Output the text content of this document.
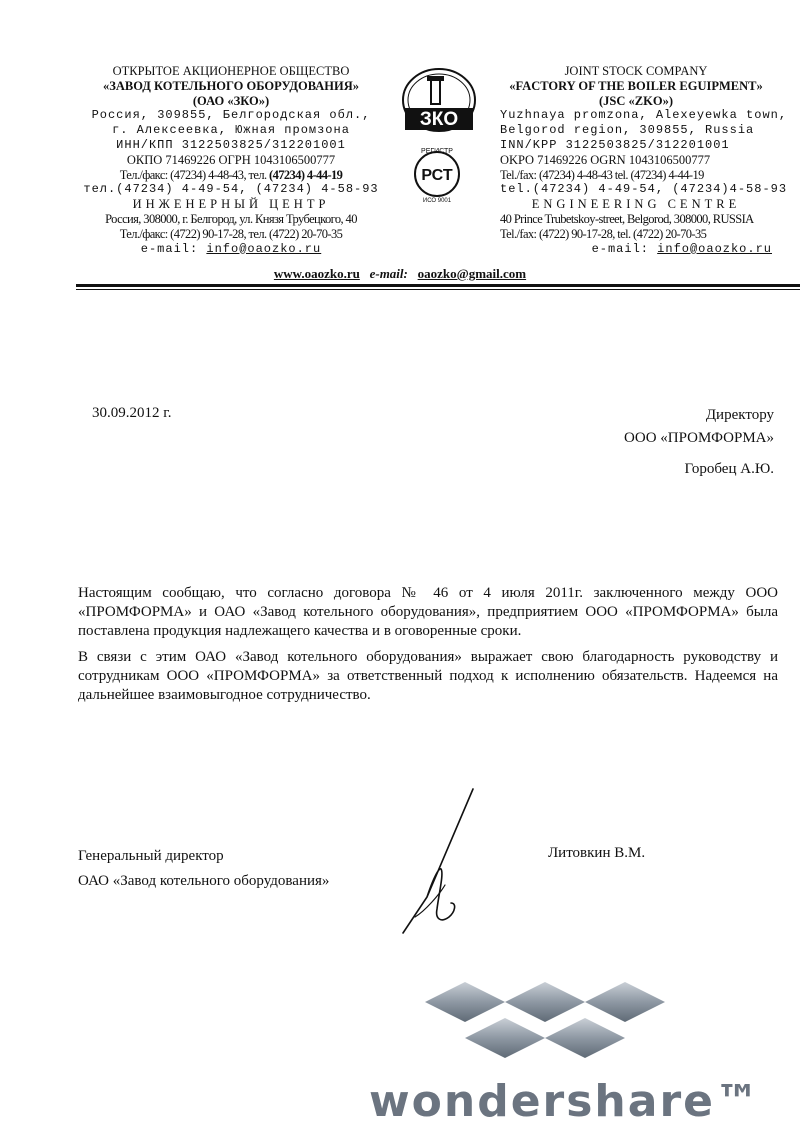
ОТКРЫТОЕ АКЦИОНЕРНОЕ ОБЩЕСТВО
«ЗАВОД КОТЕЛЬНОГО ОБОРУДОВАНИЯ»
(ОАО «ЗКО»)
Россия, 309855, Белгородская обл.,
г. Алексеевка, Южная промзона
ИНН/КПП 3122503825/312201001
ОКПО 71469226 ОГРН 1043106500777
Тел./факс: (47234) 4-48-43, тел. (47234) 4-44-19
тел.(47234) 4-49-54, (47234) 4-58-93
ИНЖЕНЕРНЫЙ ЦЕНТР
Россия, 308000, г. Белгород, ул. Князя Трубецкого, 40
Тел./факс: (4722) 90-17-28, тел. (4722) 20-70-35
e-mail: info@oaozko.ru
ЗКО
РЕГИСТР
РСТ
ИСО 9001
JOINT STOCK COMPANY
«FACTORY OF THE BOILER EGUIPMENT»
(JSC «ZKO»)
Yuzhnaya promzona, Alexeyewka town,
Belgorod region, 309855, Russia
INN/KPP 3122503825/312201001
OKPO 71469226 OGRN 1043106500777
Tel./fax: (47234) 4-48-43 tel. (47234) 4-44-19
tel.(47234) 4-49-54, (47234)4-58-93
ENGINEERING CENTRE
40 Prince Trubetskoy-street, Belgorod, 308000, RUSSIA
Tel./fax: (4722) 90-17-28, tel. (4722) 20-70-35
e-mail: info@oaozko.ru
www.oaozko.ru e-mail: oaozko@gmail.com
30.09.2012 г.	Директору
ООО «ПРОМФОРМА»
Горобец А.Ю.
Настоящим сообщаю, что согласно договора № 46 от 4 июля 2011г. заключенного между ООО «ПРОМФОРМА» и ОАО «Завод котельного оборудования», предприятием ООО «ПРОМФОРМА» была поставлена продукция надлежащего качества и в оговоренные сроки.
В связи с этим ОАО «Завод котельного оборудования» выражает свою благодарность руководству и сотрудникам ООО «ПРОМФОРМА» за ответственный подход к исполнению обязательств. Надеемся на дальнейшее взаимовыгодное сотрудничество.
Генеральный директор
ОАО «Завод котельного оборудования»
Литовкин В.М.
wondershare™
